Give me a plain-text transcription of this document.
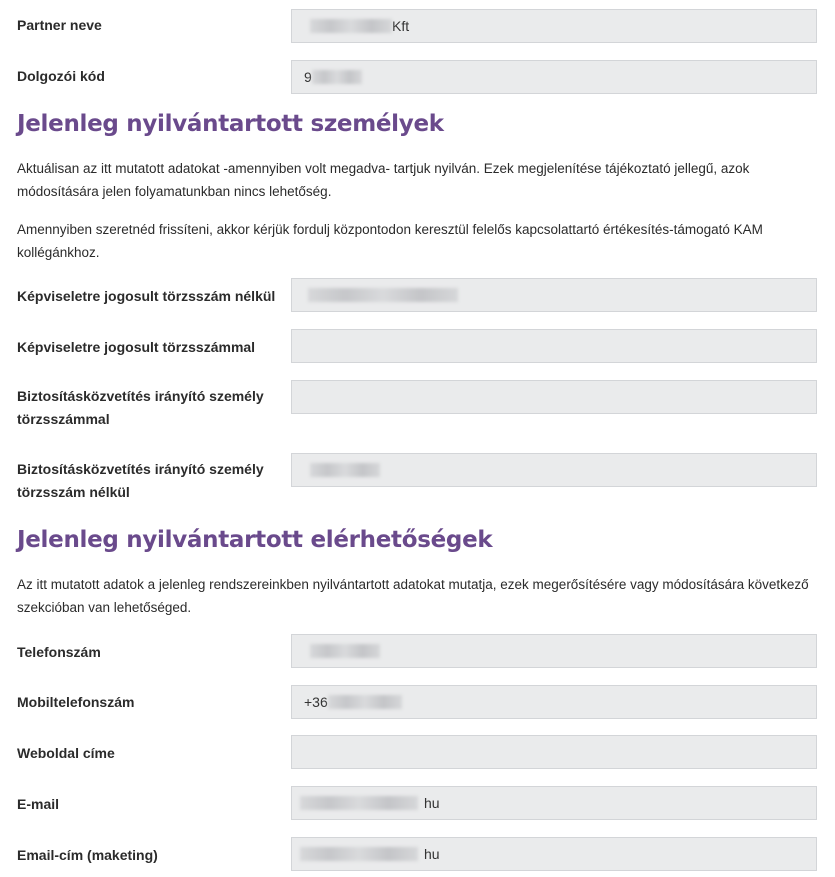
Partner neve	Kft
Dolgozói kód	9
Jelenleg nyilvántartott személyek

Aktuálisan az itt mutatott adatokat -amennyiben volt megadva- tartjuk nyilván. Ezek megjelenítése tájékoztató jellegű, azok módosítására jelen folyamatunkban nincs lehetőség.

Amennyiben szeretnéd frissíteni, akkor kérjük fordulj központodon keresztül felelős kapcsolattartó értékesítés-támogató KAM kollégánkhoz.

Képviseletre jogosult törzsszám nélkül
Képviseletre jogosult törzsszámmal
Biztosításközvetítés irányító személy törzsszámmal
Biztosításközvetítés irányító személy törzsszám nélkül
Jelenleg nyilvántartott elérhetőségek

Az itt mutatott adatok a jelenleg rendszereinkben nyilvántartott adatokat mutatja, ezek megerősítésére vagy módosítására következő szekcióban van lehetőséged.

Telefonszám
Mobiltelefonszám	+36
Weboldal címe
E-mail	hu
Email-cím (maketing)	hu
